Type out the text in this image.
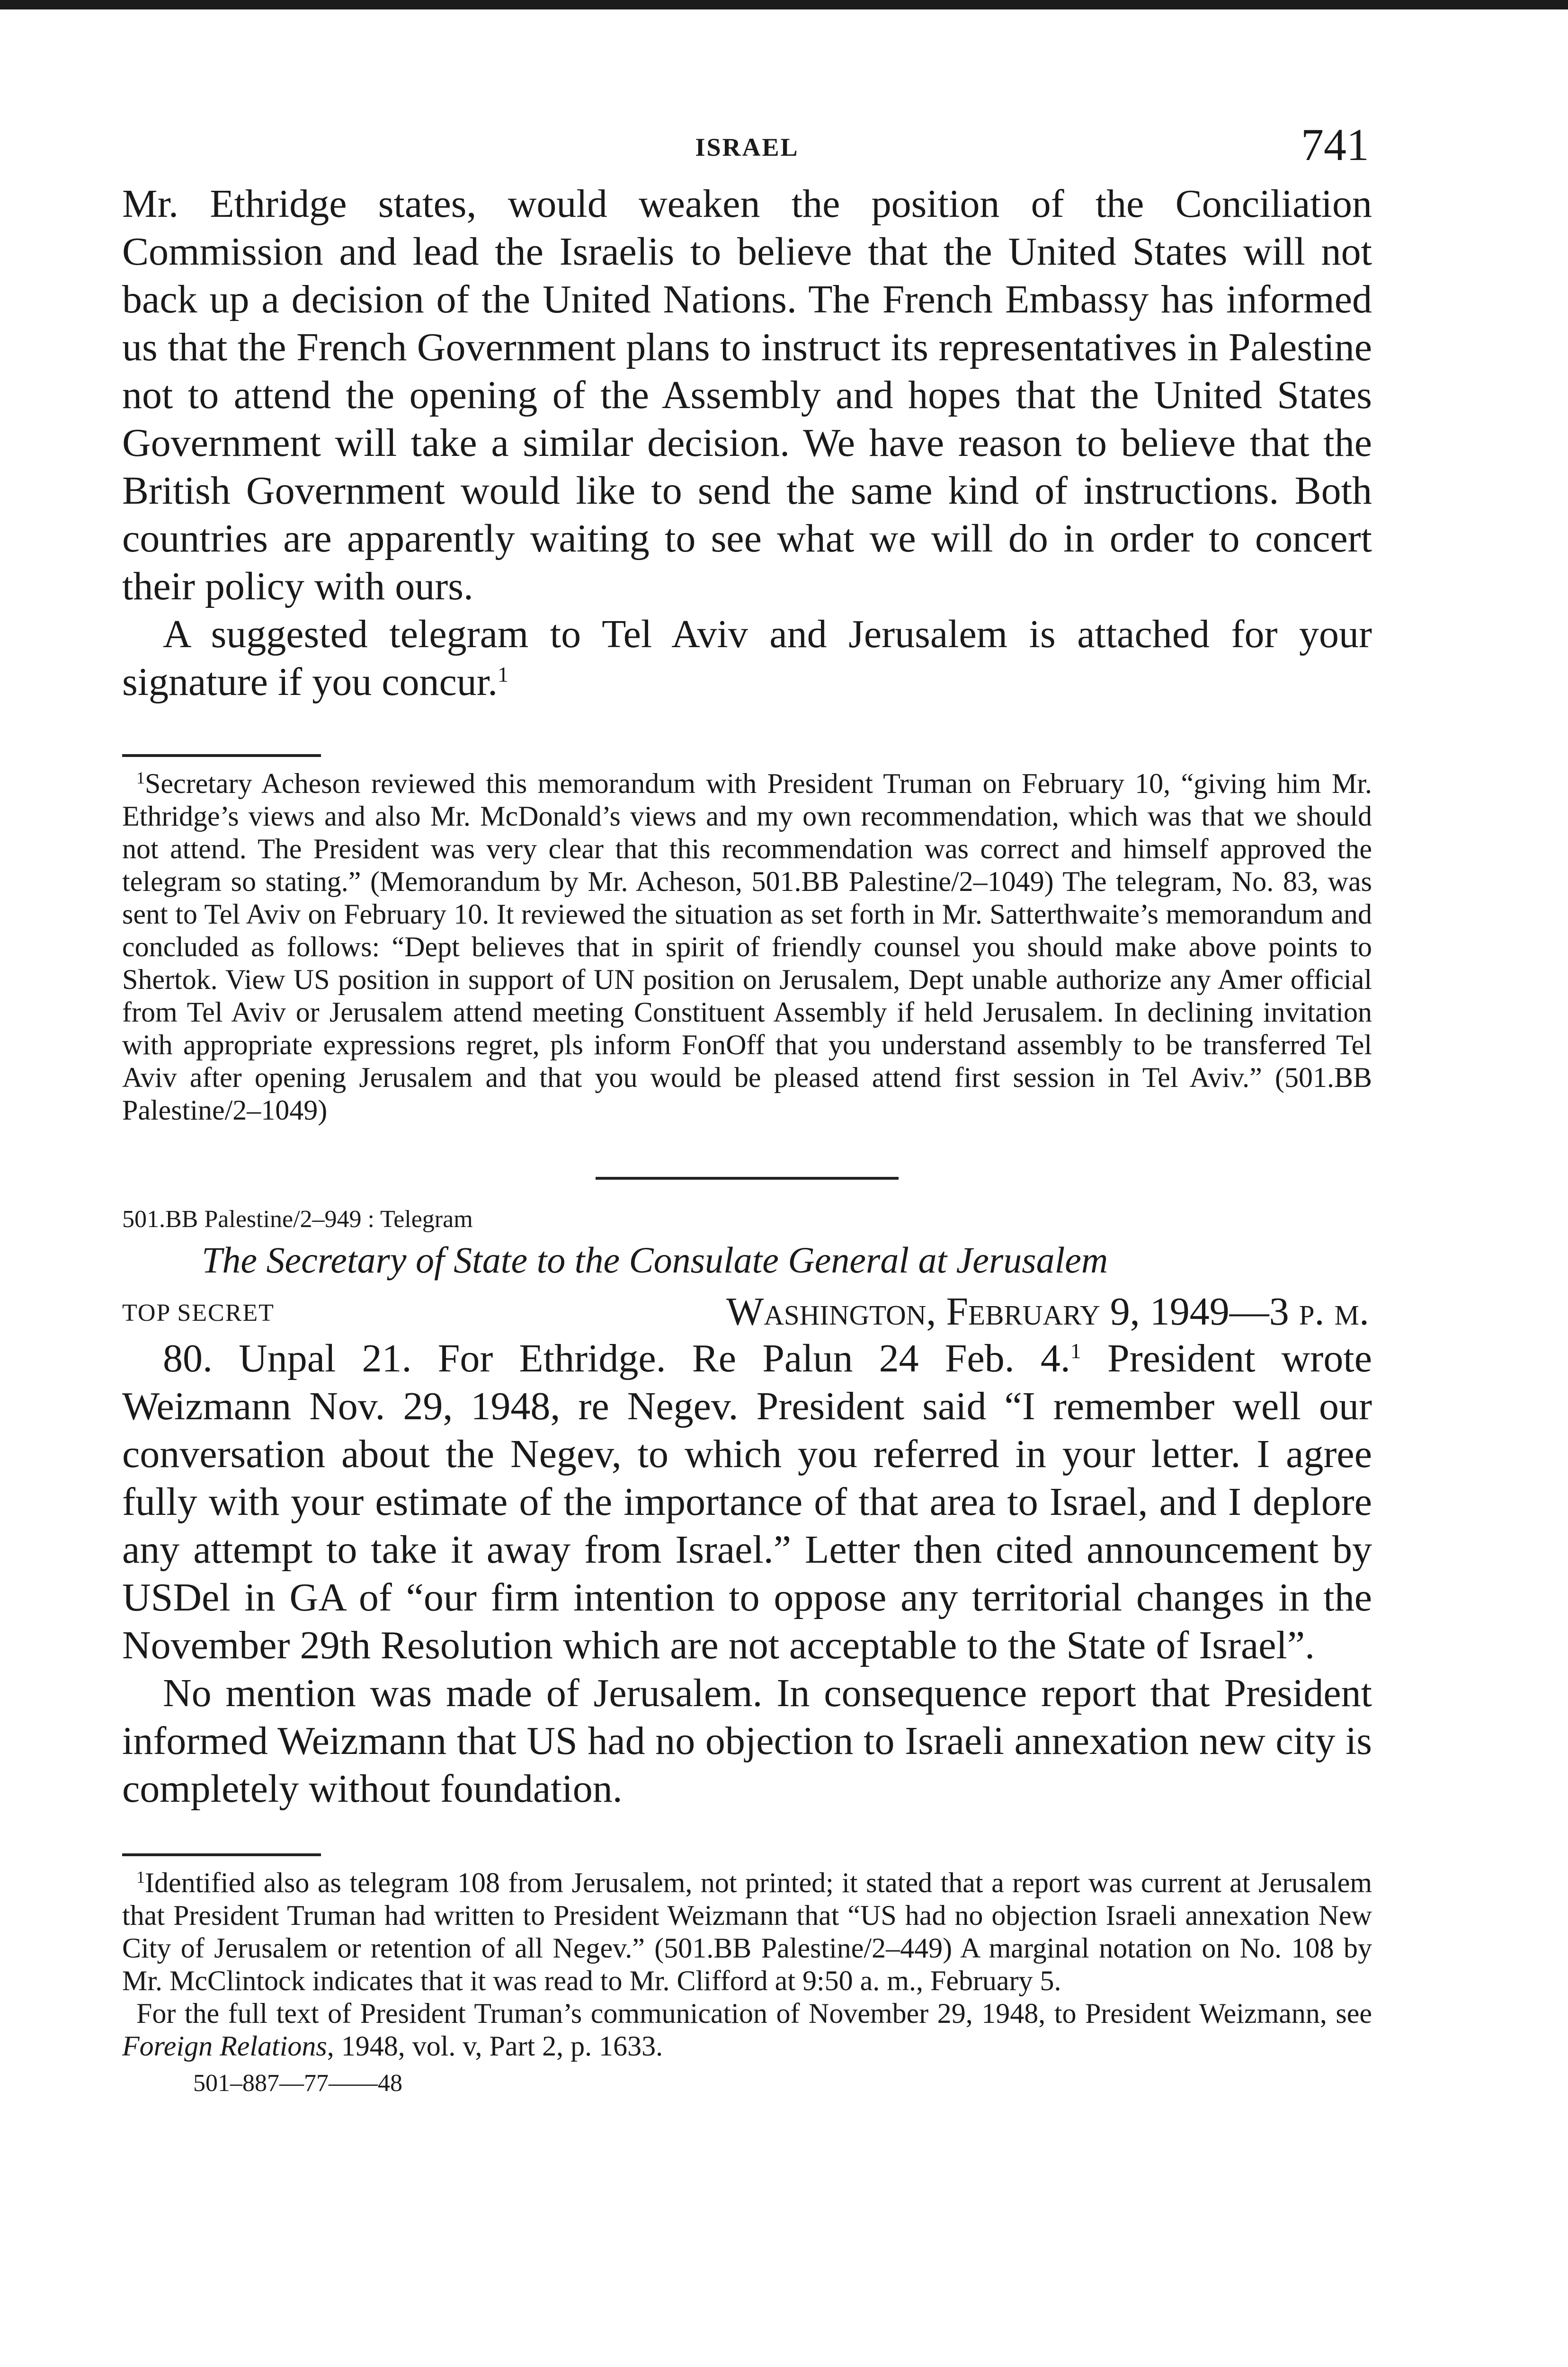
ISRAEL	741

Mr. Ethridge states, would weaken the position of the Conciliation Commission and lead the Israelis to believe that the United States will not back up a decision of the United Nations. The French Embassy has informed us that the French Government plans to instruct its representatives in Palestine not to attend the opening of the Assembly and hopes that the United States Government will take a similar decision. We have reason to believe that the British Government would like to send the same kind of instructions. Both countries are apparently waiting to see what we will do in order to concert their policy with ours.

A suggested telegram to Tel Aviv and Jerusalem is attached for your signature if you concur.$^1$

$^1$Secretary Acheson reviewed this memorandum with President Truman on February 10, “giving him Mr. Ethridge’s views and also Mr. McDonald’s views and my own recommendation, which was that we should not attend. The President was very clear that this recommendation was correct and himself approved the telegram so stating.” (Memorandum by Mr. Acheson, 501.BB Palestine/2–1049) The telegram, No. 83, was sent to Tel Aviv on February 10. It reviewed the situation as set forth in Mr. Satterthwaite’s memorandum and concluded as follows: “Dept believes that in spirit of friendly counsel you should make above points to Shertok. View US position in support of UN position on Jerusalem, Dept unable authorize any Amer official from Tel Aviv or Jerusalem attend meeting Constituent Assembly if held Jerusalem. In declining invitation with appropriate expressions regret, pls inform FonOff that you understand assembly to be transferred Tel Aviv after opening Jerusalem and that you would be pleased attend first session in Tel Aviv.” (501.BB Palestine/2–1049)

501.BB Palestine/2–949 : Telegram

The Secretary of State to the Consulate General at Jerusalem

TOP SECRET	Washington, February 9, 1949—3 p. m.

80. Unpal 21. For Ethridge. Re Palun 24 Feb. 4.$^1$ President wrote Weizmann Nov. 29, 1948, re Negev. President said “I remember well our conversation about the Negev, to which you referred in your letter. I agree fully with your estimate of the importance of that area to Israel, and I deplore any attempt to take it away from Israel.” Letter then cited announcement by USDel in GA of “our firm intention to oppose any territorial changes in the November 29th Resolution which are not acceptable to the State of Israel”.

No mention was made of Jerusalem. In consequence report that President informed Weizmann that US had no objection to Israeli annexation new city is completely without foundation.

$^1$Identified also as telegram 108 from Jerusalem, not printed; it stated that a report was current at Jerusalem that President Truman had written to President Weizmann that “US had no objection Israeli annexation New City of Jerusalem or retention of all Negev.” (501.BB Palestine/2–449) A marginal notation on No. 108 by Mr. McClintock indicates that it was read to Mr. Clifford at 9:50 a. m., February 5.

For the full text of President Truman’s communication of November 29, 1948, to President Weizmann, see Foreign Relations, 1948, vol. v, Part 2, p. 1633.

501–887—77——48
